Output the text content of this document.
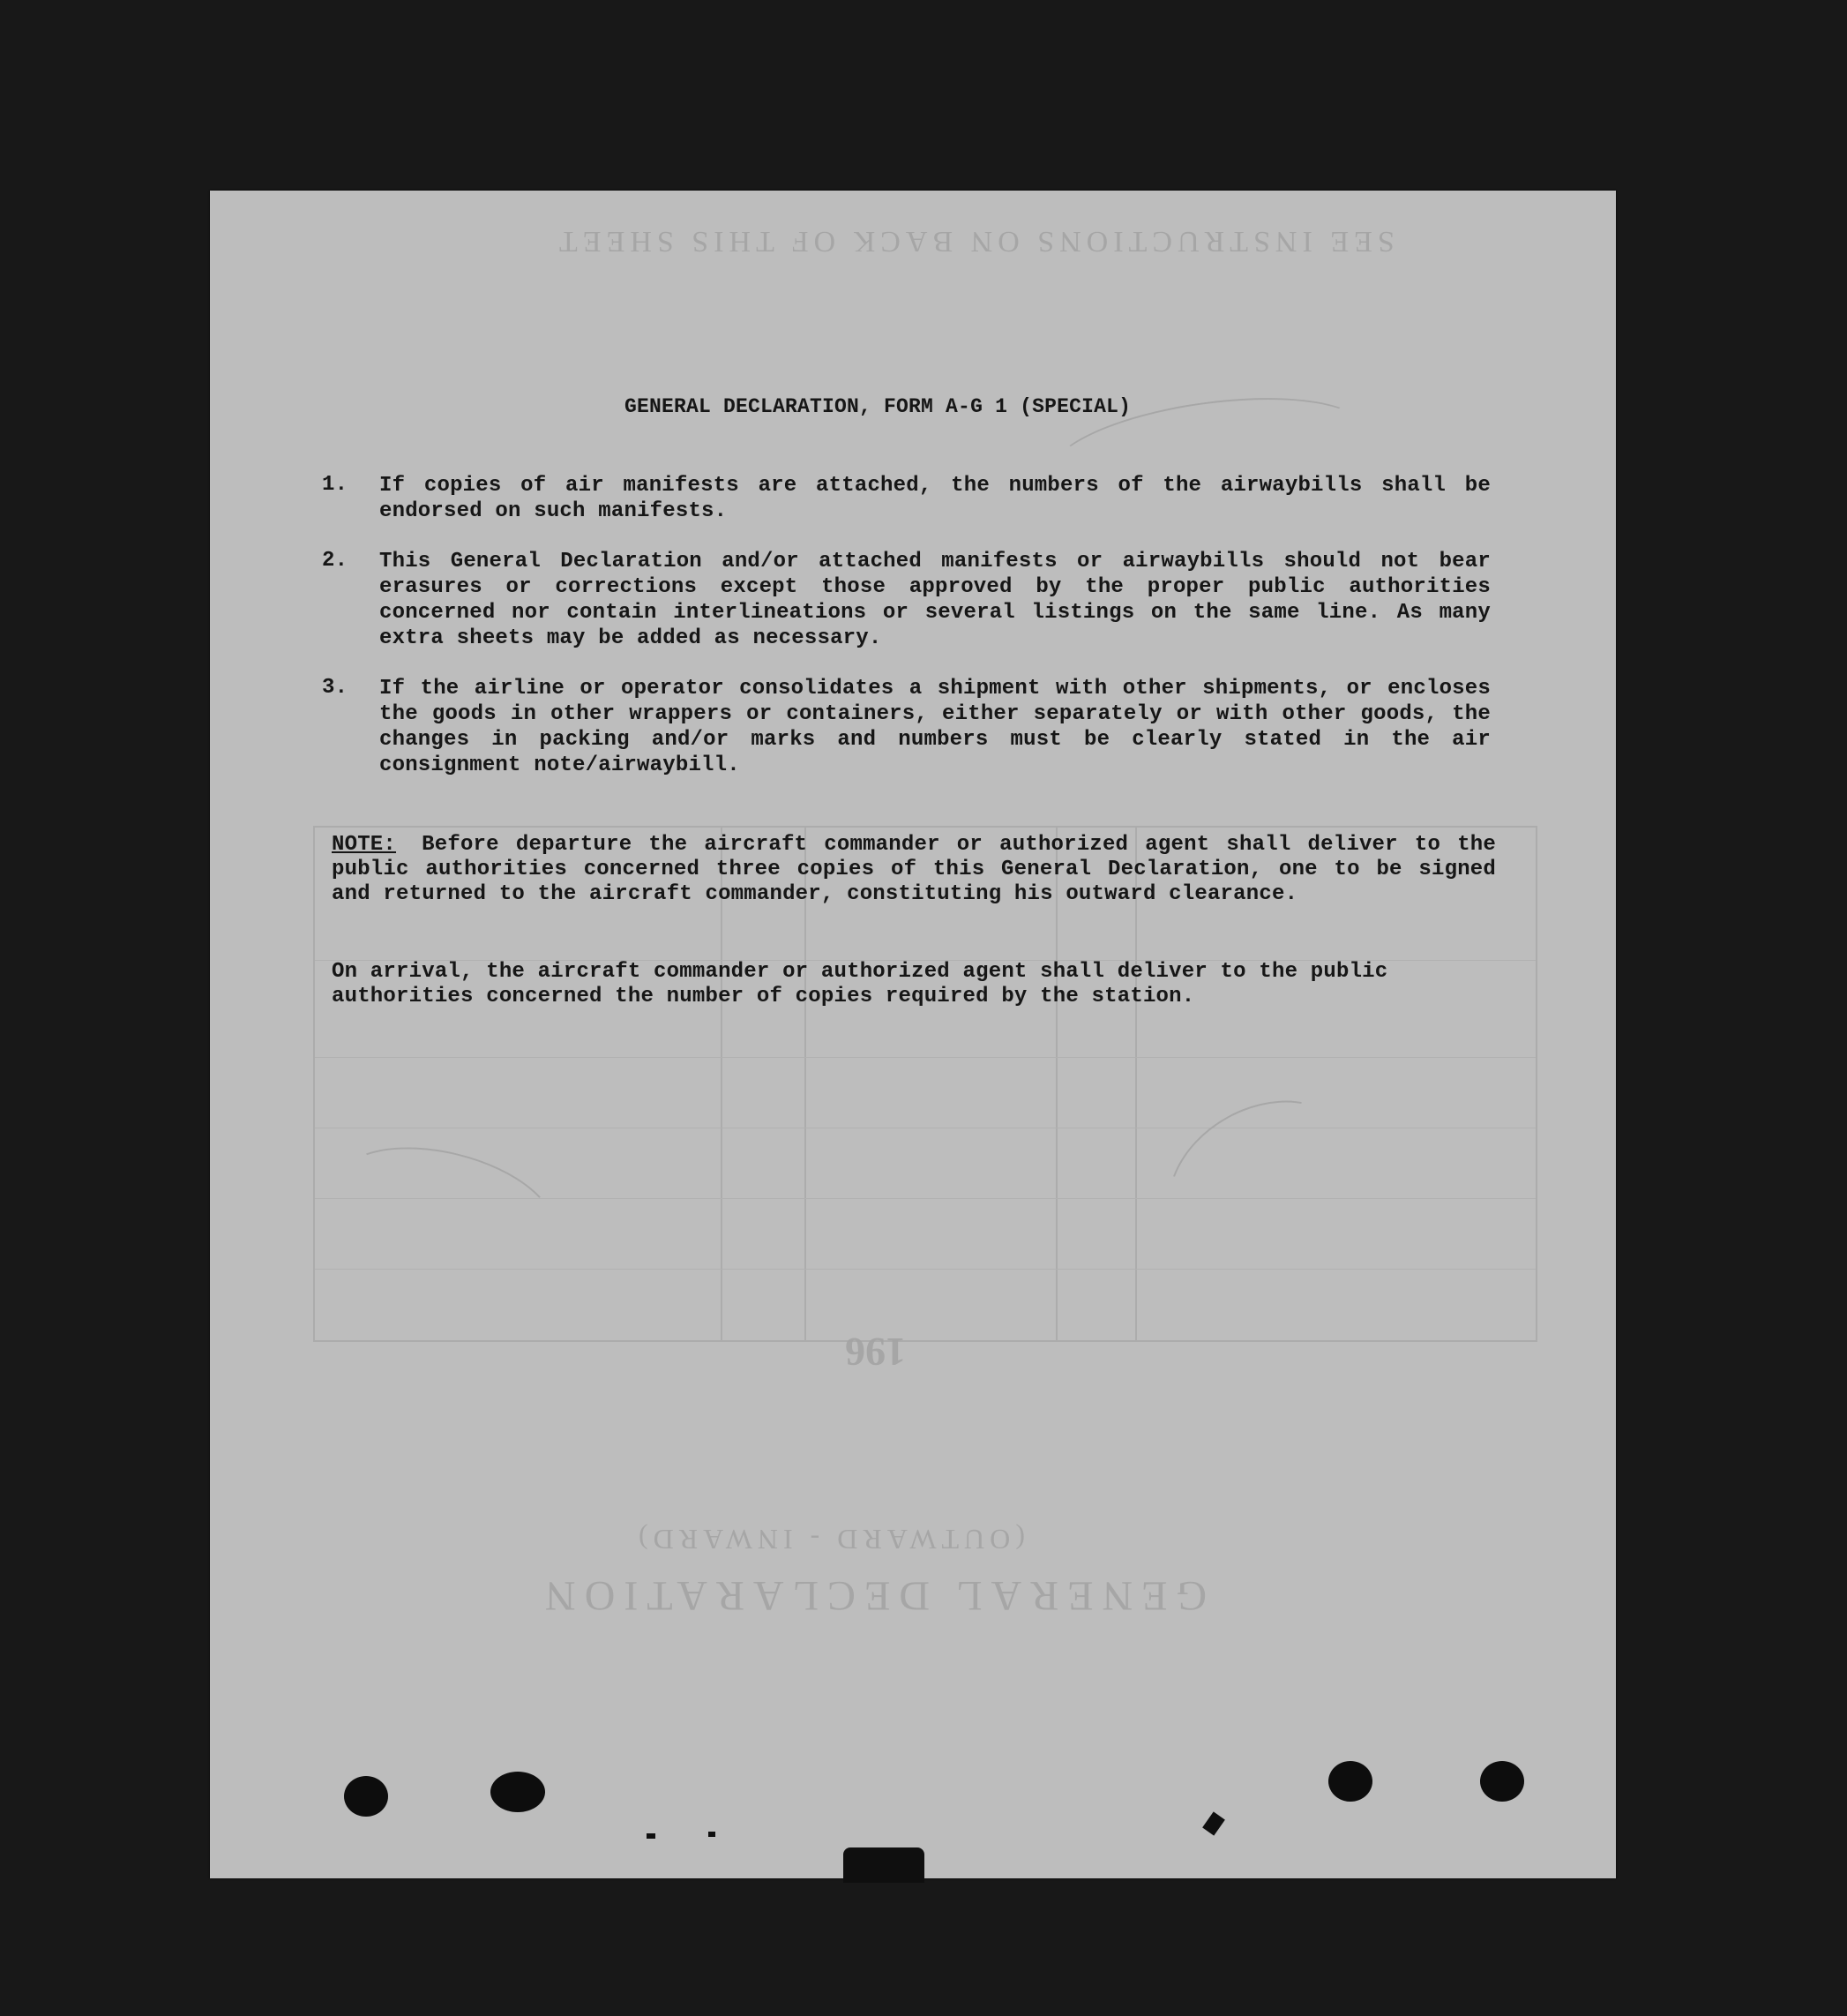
SEE INSTRUCTIONS ON BACK OF THIS SHEET
GENERAL DECLARATION
(OUTWARD - INWARD)
196
GENERAL DECLARATION, FORM A-G 1 (SPECIAL)
1.	If copies of air manifests are attached, the numbers of the airwaybills shall be endorsed on such manifests.
2.	This General Declaration and/or attached manifests or airwaybills should not bear erasures or corrections except those approved by the proper public authorities concerned nor contain interlineations or several listings on the same line. As many extra sheets may be added as necessary.
3.	If the airline or operator consolidates a shipment with other shipments, or encloses the goods in other wrappers or containers, either separately or with other goods, the changes in packing and/or marks and numbers must be clearly stated in the air consignment note/airwaybill.
NOTE: Before departure the aircraft commander or authorized agent shall deliver to the public authorities concerned three copies of this General Declaration, one to be signed and returned to the aircraft commander, constituting his outward clearance.
On arrival, the aircraft commander or authorized agent shall deliver to the public authorities concerned the number of copies required by the station.
